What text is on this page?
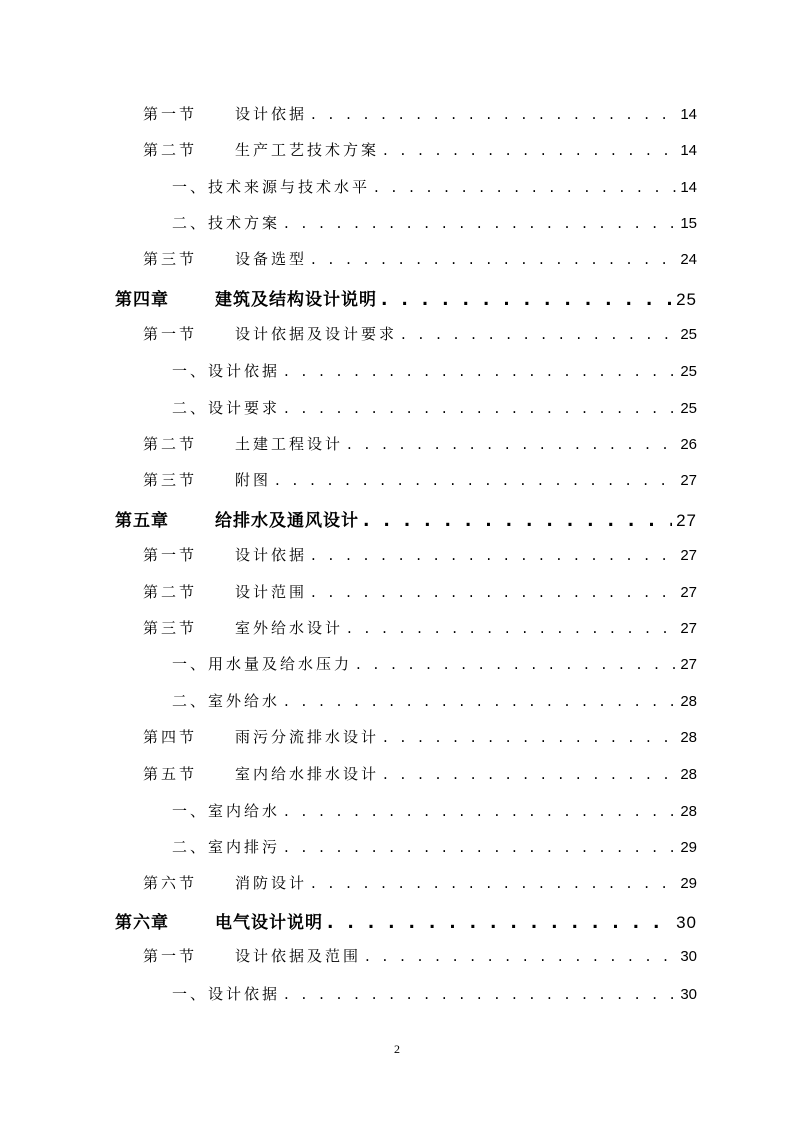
第一节	设计依据 . . .	14
第二节	生产工艺技术方案 . . .	14
一、技术来源与技术水平 . . .	14
二、技术方案 . . .	15
第三节	设备选型 . . .	24
第四章	建筑及结构设计说明 . . .	25
第一节	设计依据及设计要求 . . .	25
一、设计依据 . . .	25
二、设计要求 . . .	25
第二节	土建工程设计 . . .	26
第三节	附图 . . .	27
第五章	给排水及通风设计 . . .	27
第一节	设计依据 . . .	27
第二节	设计范围 . . .	27
第三节	室外给水设计 . . .	27
一、用水量及给水压力 . . .	27
二、室外给水 . . .	28
第四节	雨污分流排水设计 . . .	28
第五节	室内给水排水设计 . . .	28
一、室内给水 . . .	28
二、室内排污 . . .	29
第六节	消防设计 . . .	29
第六章	电气设计说明 . . .	30
第一节	设计依据及范围 . . .	30
一、设计依据 . . .	30
2
